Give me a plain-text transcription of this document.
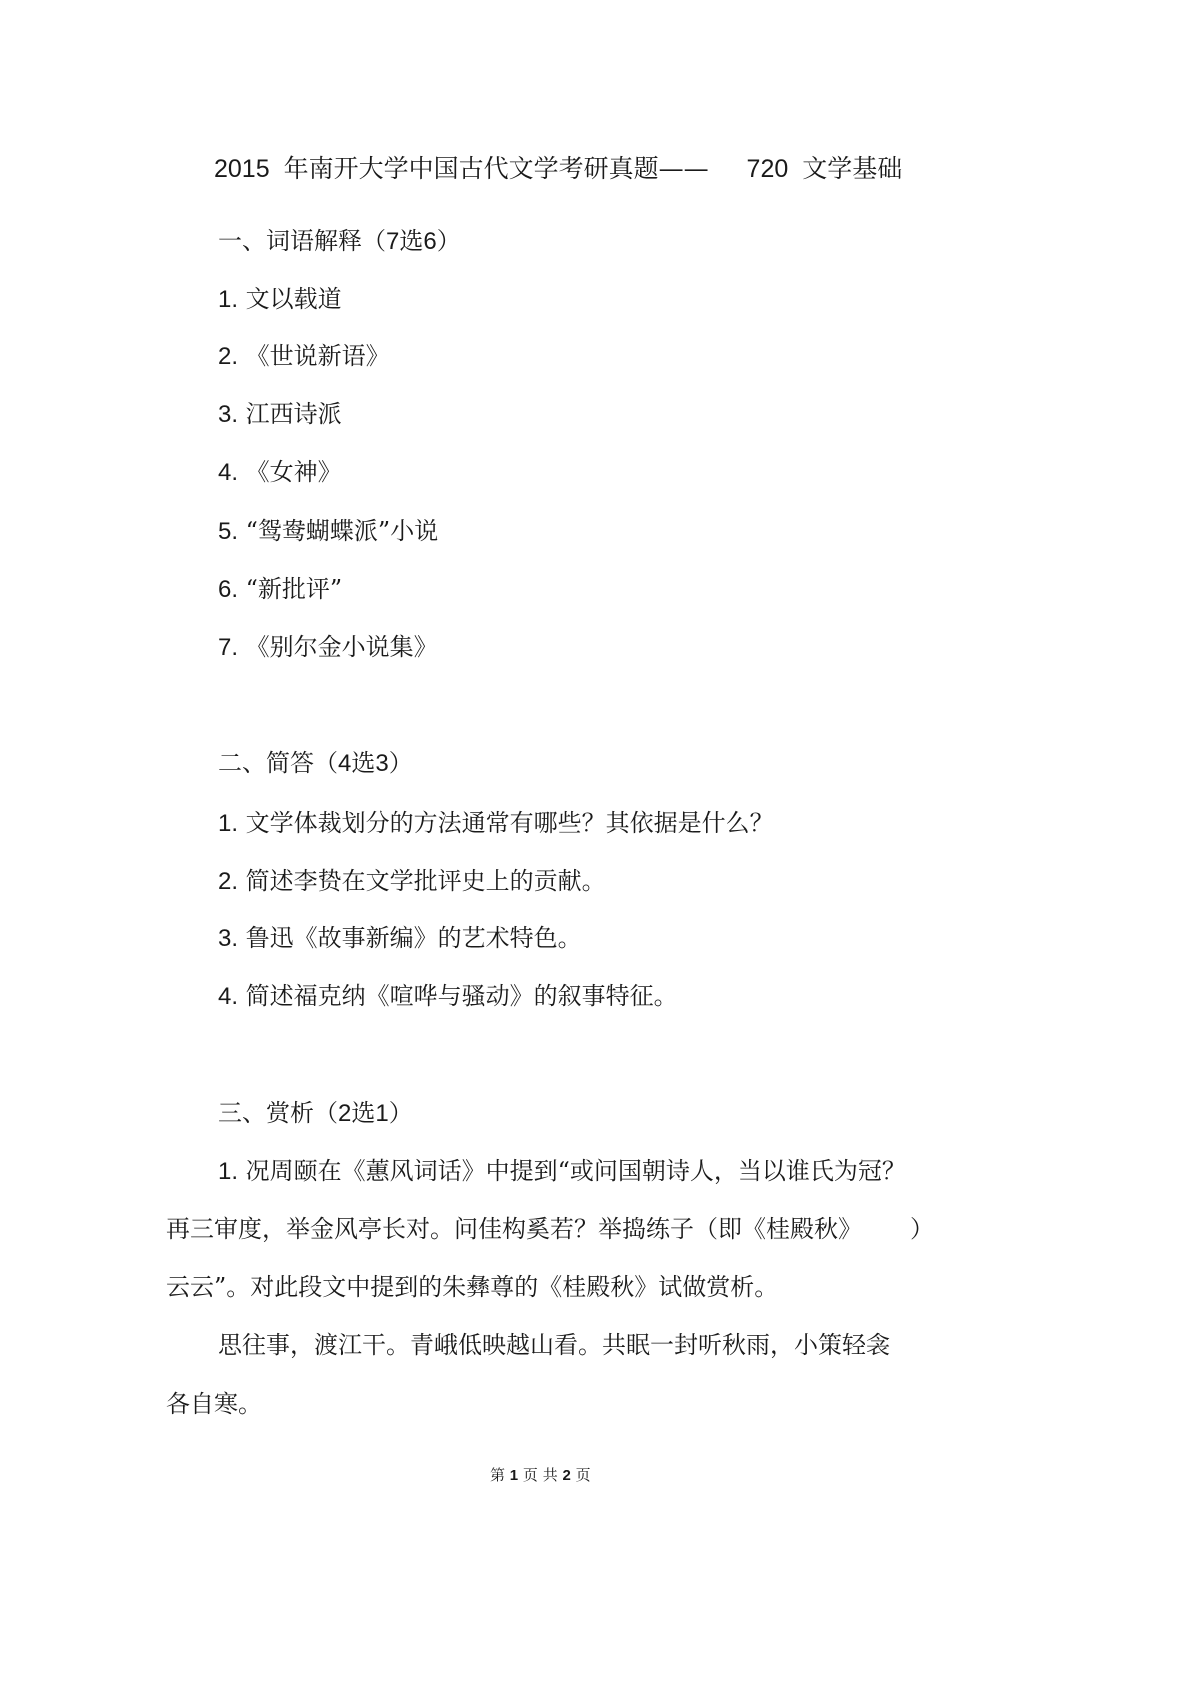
2015 年南开大学中国古代文学考研真题—— 720 文学基础
一、词语解释（7选6）
1. 文以载道
2. 《世说新语》
3. 江西诗派
4. 《女神》
5. “鸳鸯蝴蝶派”小说
6. “新批评”
7. 《别尔金小说集》
二、简答（4选3）
1. 文学体裁划分的方法通常有哪些？其依据是什么？
2. 简述李贽在文学批评史上的贡献。
3. 鲁迅《故事新编》的艺术特色。
4. 简述福克纳《喧哗与骚动》的叙事特征。
三、赏析（2选1）
1. 况周颐在《蕙风词话》中提到“或问国朝诗人，当以谁氏为冠？
再三审度，举金风亭长对。问佳构奚若？举捣练子（即《桂殿秋》 ）
云云”。对此段文中提到的朱彝尊的《桂殿秋》试做赏析。
思往事，渡江干。青峨低映越山看。共眠一封听秋雨，小策轻衾
各自寒。
第 1 页 共 2 页
